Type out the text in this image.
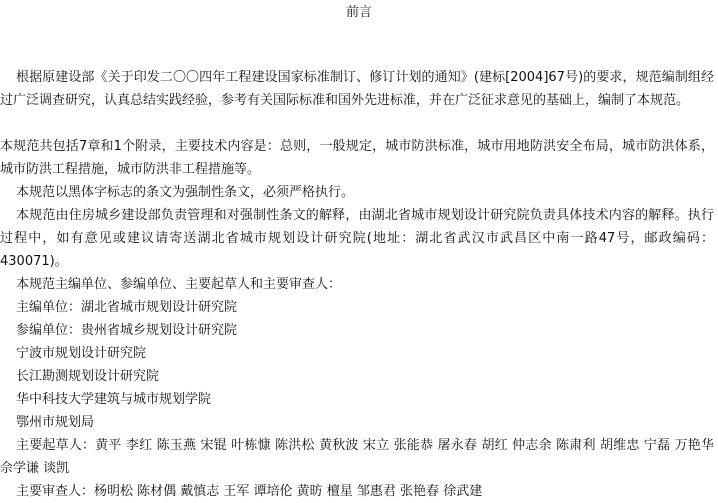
前言

根据原建设部《关于印发二〇〇四年工程建设国家标准制订、修订计划的通知》(建标[2004]67号)的要求，规范编制组经过广泛调查研究，认真总结实践经验，参考有关国际标准和国外先进标准，并在广泛征求意见的基础上，编制了本规范。

本规范共包括7章和1个附录，主要技术内容是：总则，一般规定，城市防洪标准，城市用地防洪安全布局，城市防洪体系，城市防洪工程措施，城市防洪非工程措施等。

本规范以黑体字标志的条文为强制性条文，必须严格执行。

本规范由住房城乡建设部负责管理和对强制性条文的解释，由湖北省城市规划设计研究院负责具体技术内容的解释。执行过程中，如有意见或建议请寄送湖北省城市规划设计研究院(地址：湖北省武汉市武昌区中南一路47号，邮政编码：430071)。

本规范主编单位、参编单位、主要起草人和主要审查人：

主编单位：湖北省城市规划设计研究院
参编单位：贵州省城乡规划设计研究院
宁波市规划设计研究院
长江勘测规划设计研究院
华中科技大学建筑与城市规划学院
鄂州市规划局

主要起草人：黄平 李红 陈玉燕 宋锟 叶栋慷 陈洪松 黄秋波 宋立 张能恭 屠永春 胡红 仲志余 陈肃利 胡维忠 宁磊 万艳华 佘学谦 谈凯

主要审查人：杨明松 陈材偶 戴慎志 王军 谭培伦 黄昉 檀星 邹惠君 张艳春 徐武建
